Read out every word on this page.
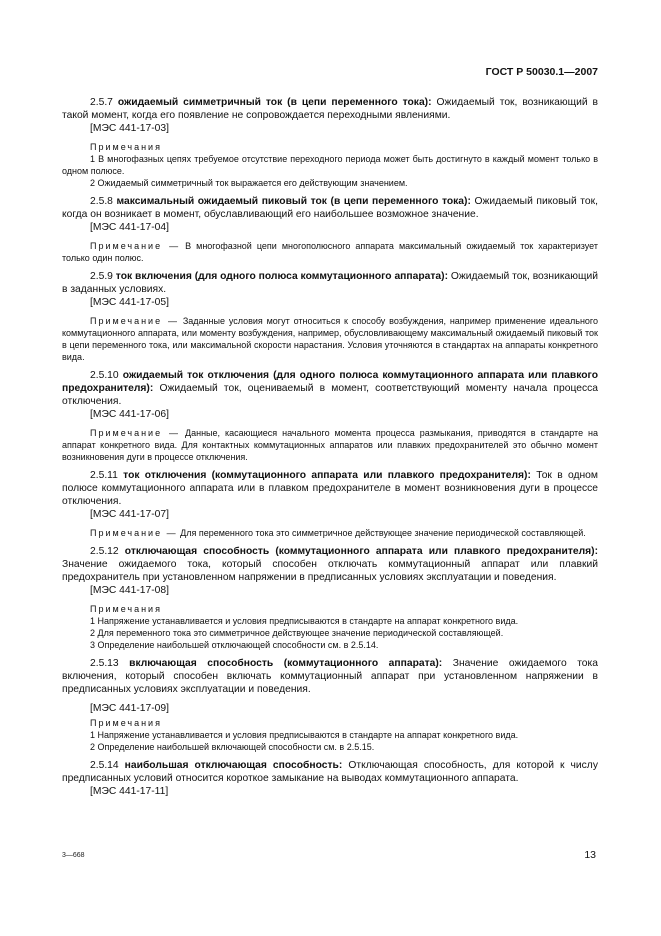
ГОСТ Р 50030.1—2007

2.5.7 ожидаемый симметричный ток (в цепи переменного тока): Ожидаемый ток, возникающий в такой момент, когда его появление не сопровождается переходными явлениями.

[МЭС 441-17-03]

Примечания

1 В многофазных цепях требуемое отсутствие переходного периода может быть достигнуто в каждый момент только в одном полюсе.

2 Ожидаемый симметричный ток выражается его действующим значением.

2.5.8 максимальный ожидаемый пиковый ток (в цепи переменного тока): Ожидаемый пиковый ток, когда он возникает в момент, обуславливающий его наибольшее возможное значение.

[МЭС 441-17-04]

Примечание — В многофазной цепи многополюсного аппарата максимальный ожидаемый ток характеризует только один полюс.

2.5.9 ток включения (для одного полюса коммутационного аппарата): Ожидаемый ток, возникающий в заданных условиях.

[МЭС 441-17-05]

Примечание — Заданные условия могут относиться к способу возбуждения, например применение идеального коммутационного аппарата, или моменту возбуждения, например, обусловливающему максимальный ожидаемый пиковый ток в цепи переменного тока, или максимальной скорости нарастания. Условия уточняются в стандартах на аппараты конкретного вида.

2.5.10 ожидаемый ток отключения (для одного полюса коммутационного аппарата или плавкого предохранителя): Ожидаемый ток, оцениваемый в момент, соответствующий моменту начала процесса отключения.

[МЭС 441-17-06]

Примечание — Данные, касающиеся начального момента процесса размыкания, приводятся в стандарте на аппарат конкретного вида. Для контактных коммутационных аппаратов или плавких предохранителей это обычно момент возникновения дуги в процессе отключения.

2.5.11 ток отключения (коммутационного аппарата или плавкого предохранителя): Ток в одном полюсе коммутационного аппарата или в плавком предохранителе в момент возникновения дуги в процессе отключения.

[МЭС 441-17-07]

Примечание — Для переменного тока это симметричное действующее значение периодической составляющей.

2.5.12 отключающая способность (коммутационного аппарата или плавкого предохранителя): Значение ожидаемого тока, который способен отключать коммутационный аппарат или плавкий предохранитель при установленном напряжении в предписанных условиях эксплуатации и поведения.

[МЭС 441-17-08]

Примечания

1 Напряжение устанавливается и условия предписываются в стандарте на аппарат конкретного вида.

2 Для переменного тока это симметричное действующее значение периодической составляющей.

3 Определение наибольшей отключающей способности см. в 2.5.14.

2.5.13 включающая способность (коммутационного аппарата): Значение ожидаемого тока включения, который способен включать коммутационный аппарат при установленном напряжении в предписанных условиях эксплуатации и поведения.

[МЭС 441-17-09]

Примечания

1 Напряжение устанавливается и условия предписываются в стандарте на аппарат конкретного вида.

2 Определение наибольшей включающей способности см. в 2.5.15.

2.5.14 наибольшая отключающая способность: Отключающая способность, для которой к числу предписанных условий относится короткое замыкание на выводах коммутационного аппарата.

[МЭС 441-17-11]

3—668	13
